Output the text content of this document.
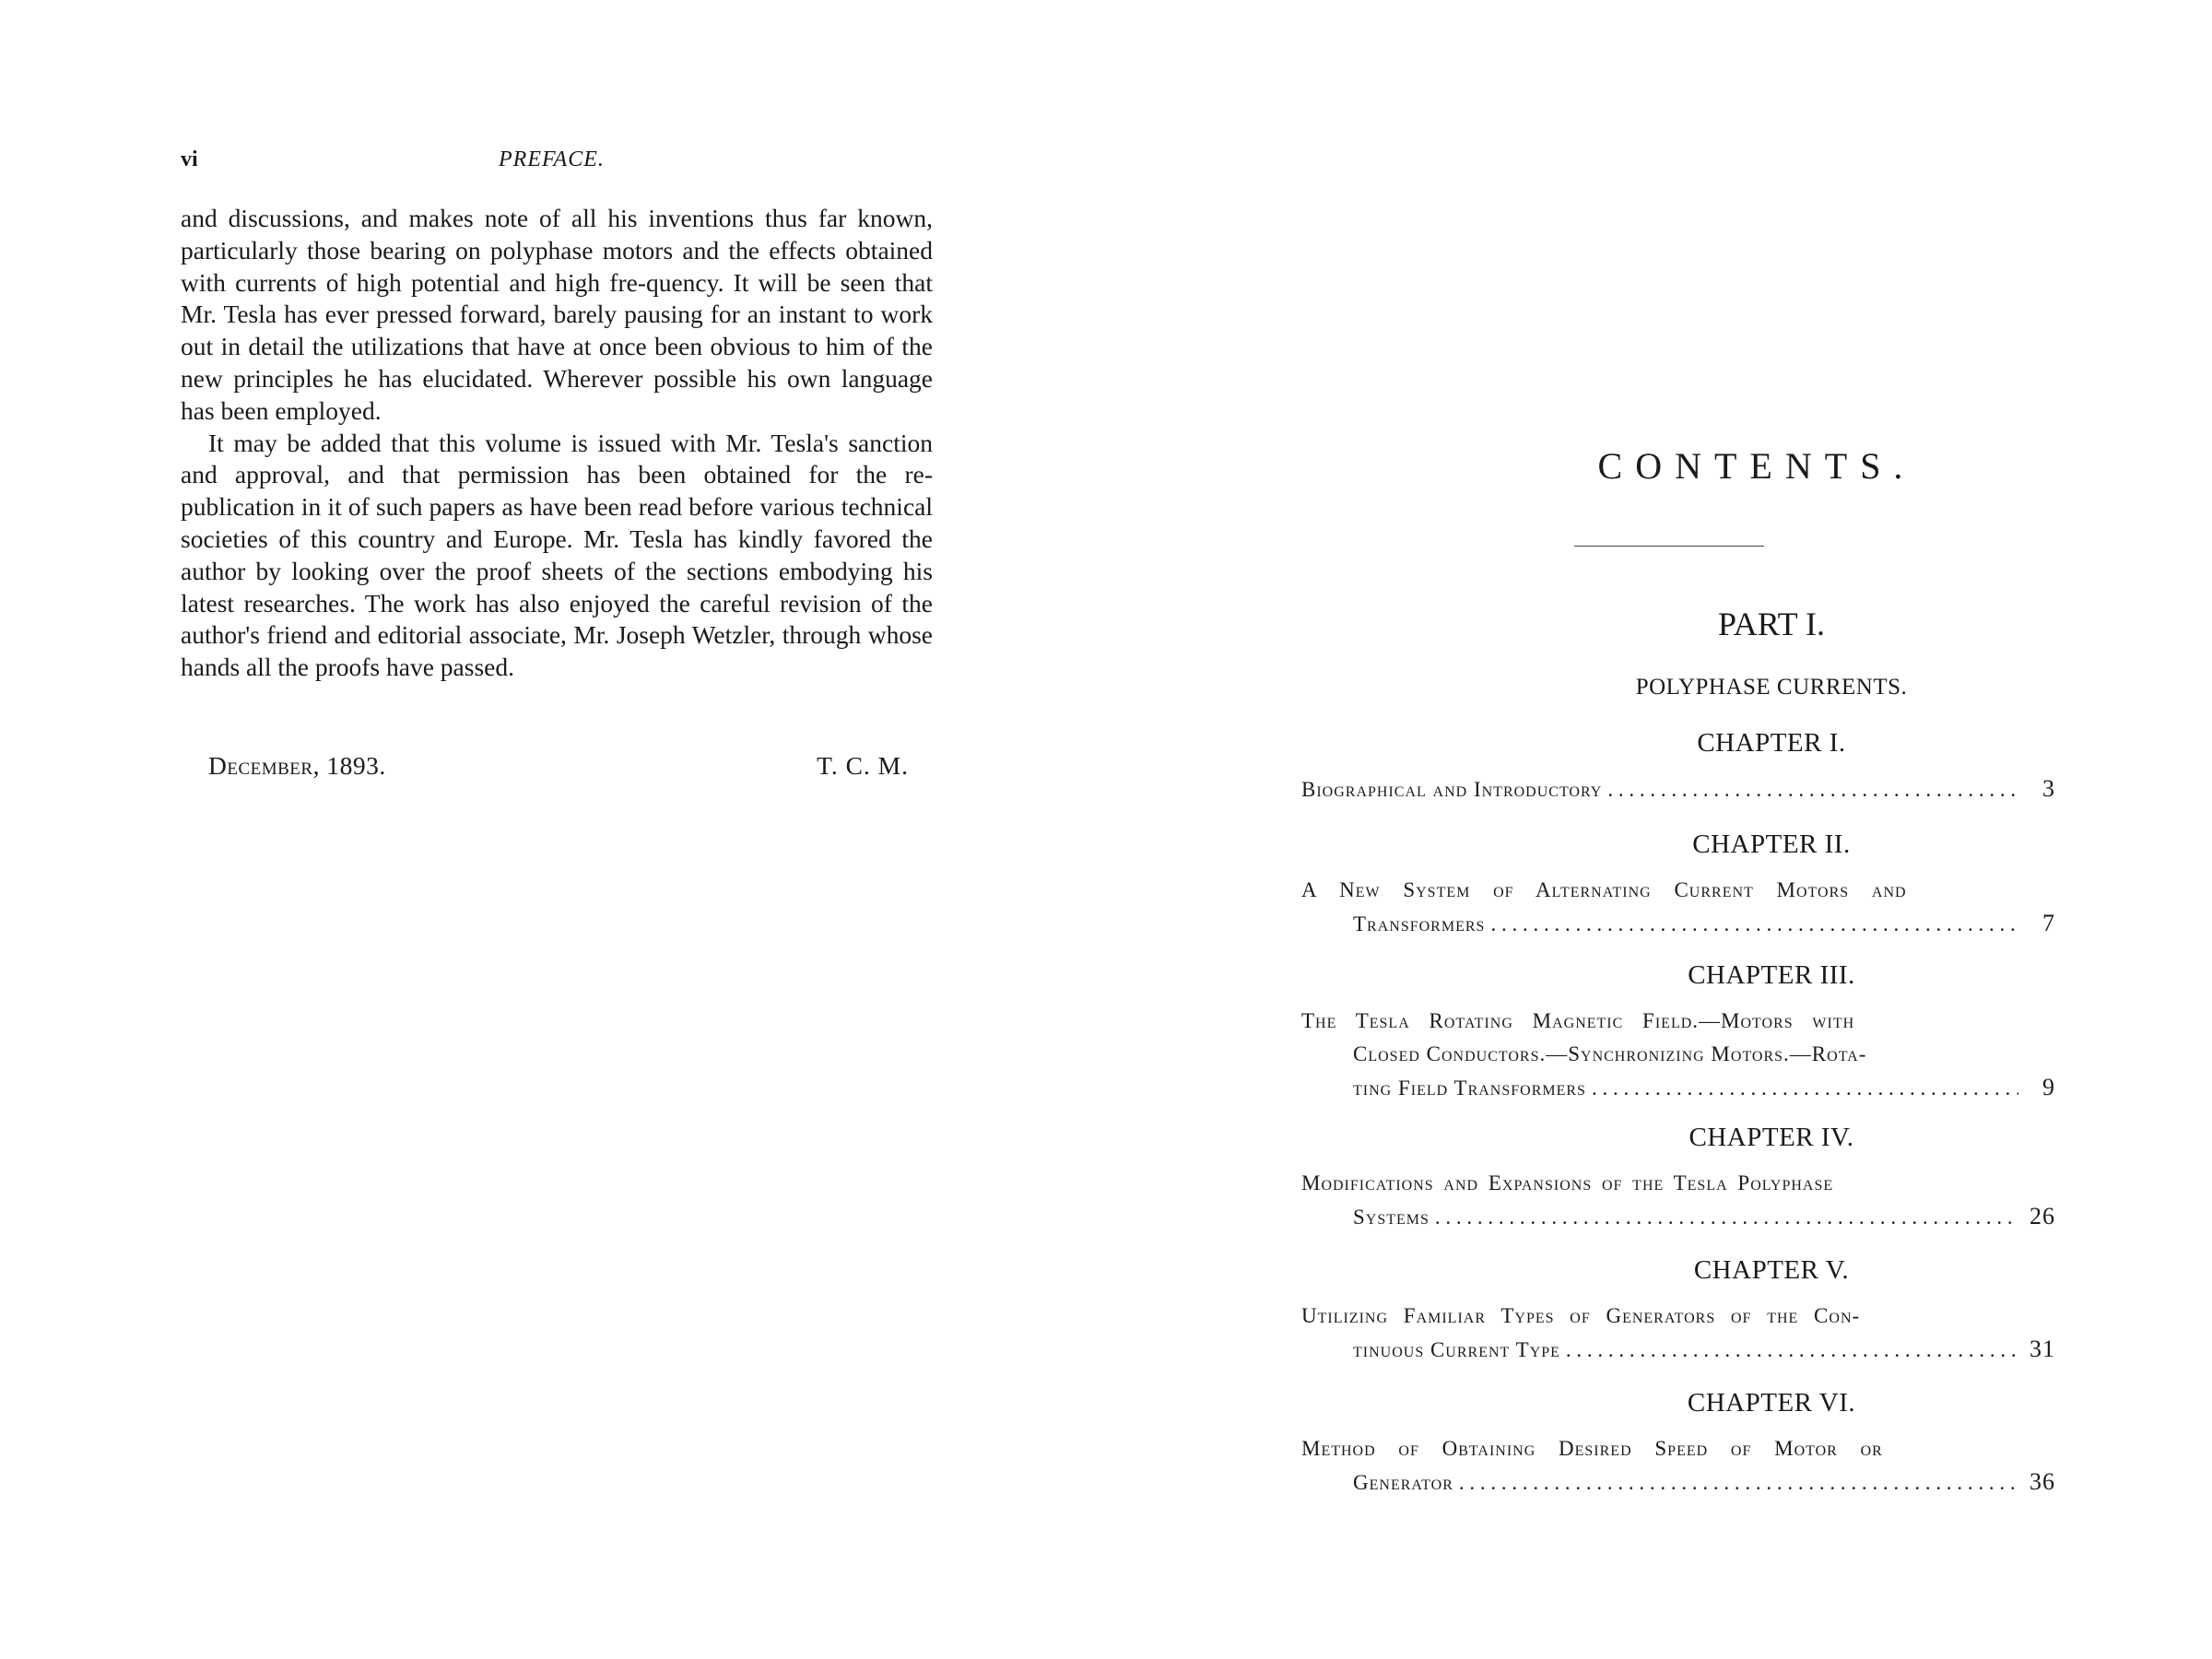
vi	PREFACE.

and discussions, and makes note of all his inventions thus far known, particularly those bearing on polyphase motors and the effects obtained with currents of high potential and high fre-quency. It will be seen that Mr. Tesla has ever pressed forward, barely pausing for an instant to work out in detail the utilizations that have at once been obvious to him of the new principles he has elucidated. Wherever possible his own language has been employed.

It may be added that this volume is issued with Mr. Tesla's sanction and approval, and that permission has been obtained for the re-publication in it of such papers as have been read before various technical societies of this country and Europe. Mr. Tesla has kindly favored the author by looking over the proof sheets of the sections embodying his latest researches. The work has also enjoyed the careful revision of the author's friend and editorial associate, Mr. Joseph Wetzler, through whose hands all the proofs have passed.

December, 1893.	T. C. M.
CONTENTS.
PART I.
POLYPHASE CURRENTS.
CHAPTER I.
Biographical and Introductory . . .	3
CHAPTER II.
A New System of Alternating Current Motors and
Transformers . . .	7
CHAPTER III.
The Tesla Rotating Magnetic Field.—Motors with
Closed Conductors.—Synchronizing Motors.—Rota-
ting Field Transformers . . .	9
CHAPTER IV.
Modifications and Expansions of the Tesla Polyphase
Systems . . .	26
CHAPTER V.
Utilizing Familiar Types of Generators of the Con-
tinuous Current Type . . .	31
CHAPTER VI.
Method of Obtaining Desired Speed of Motor or
Generator . . .	36
